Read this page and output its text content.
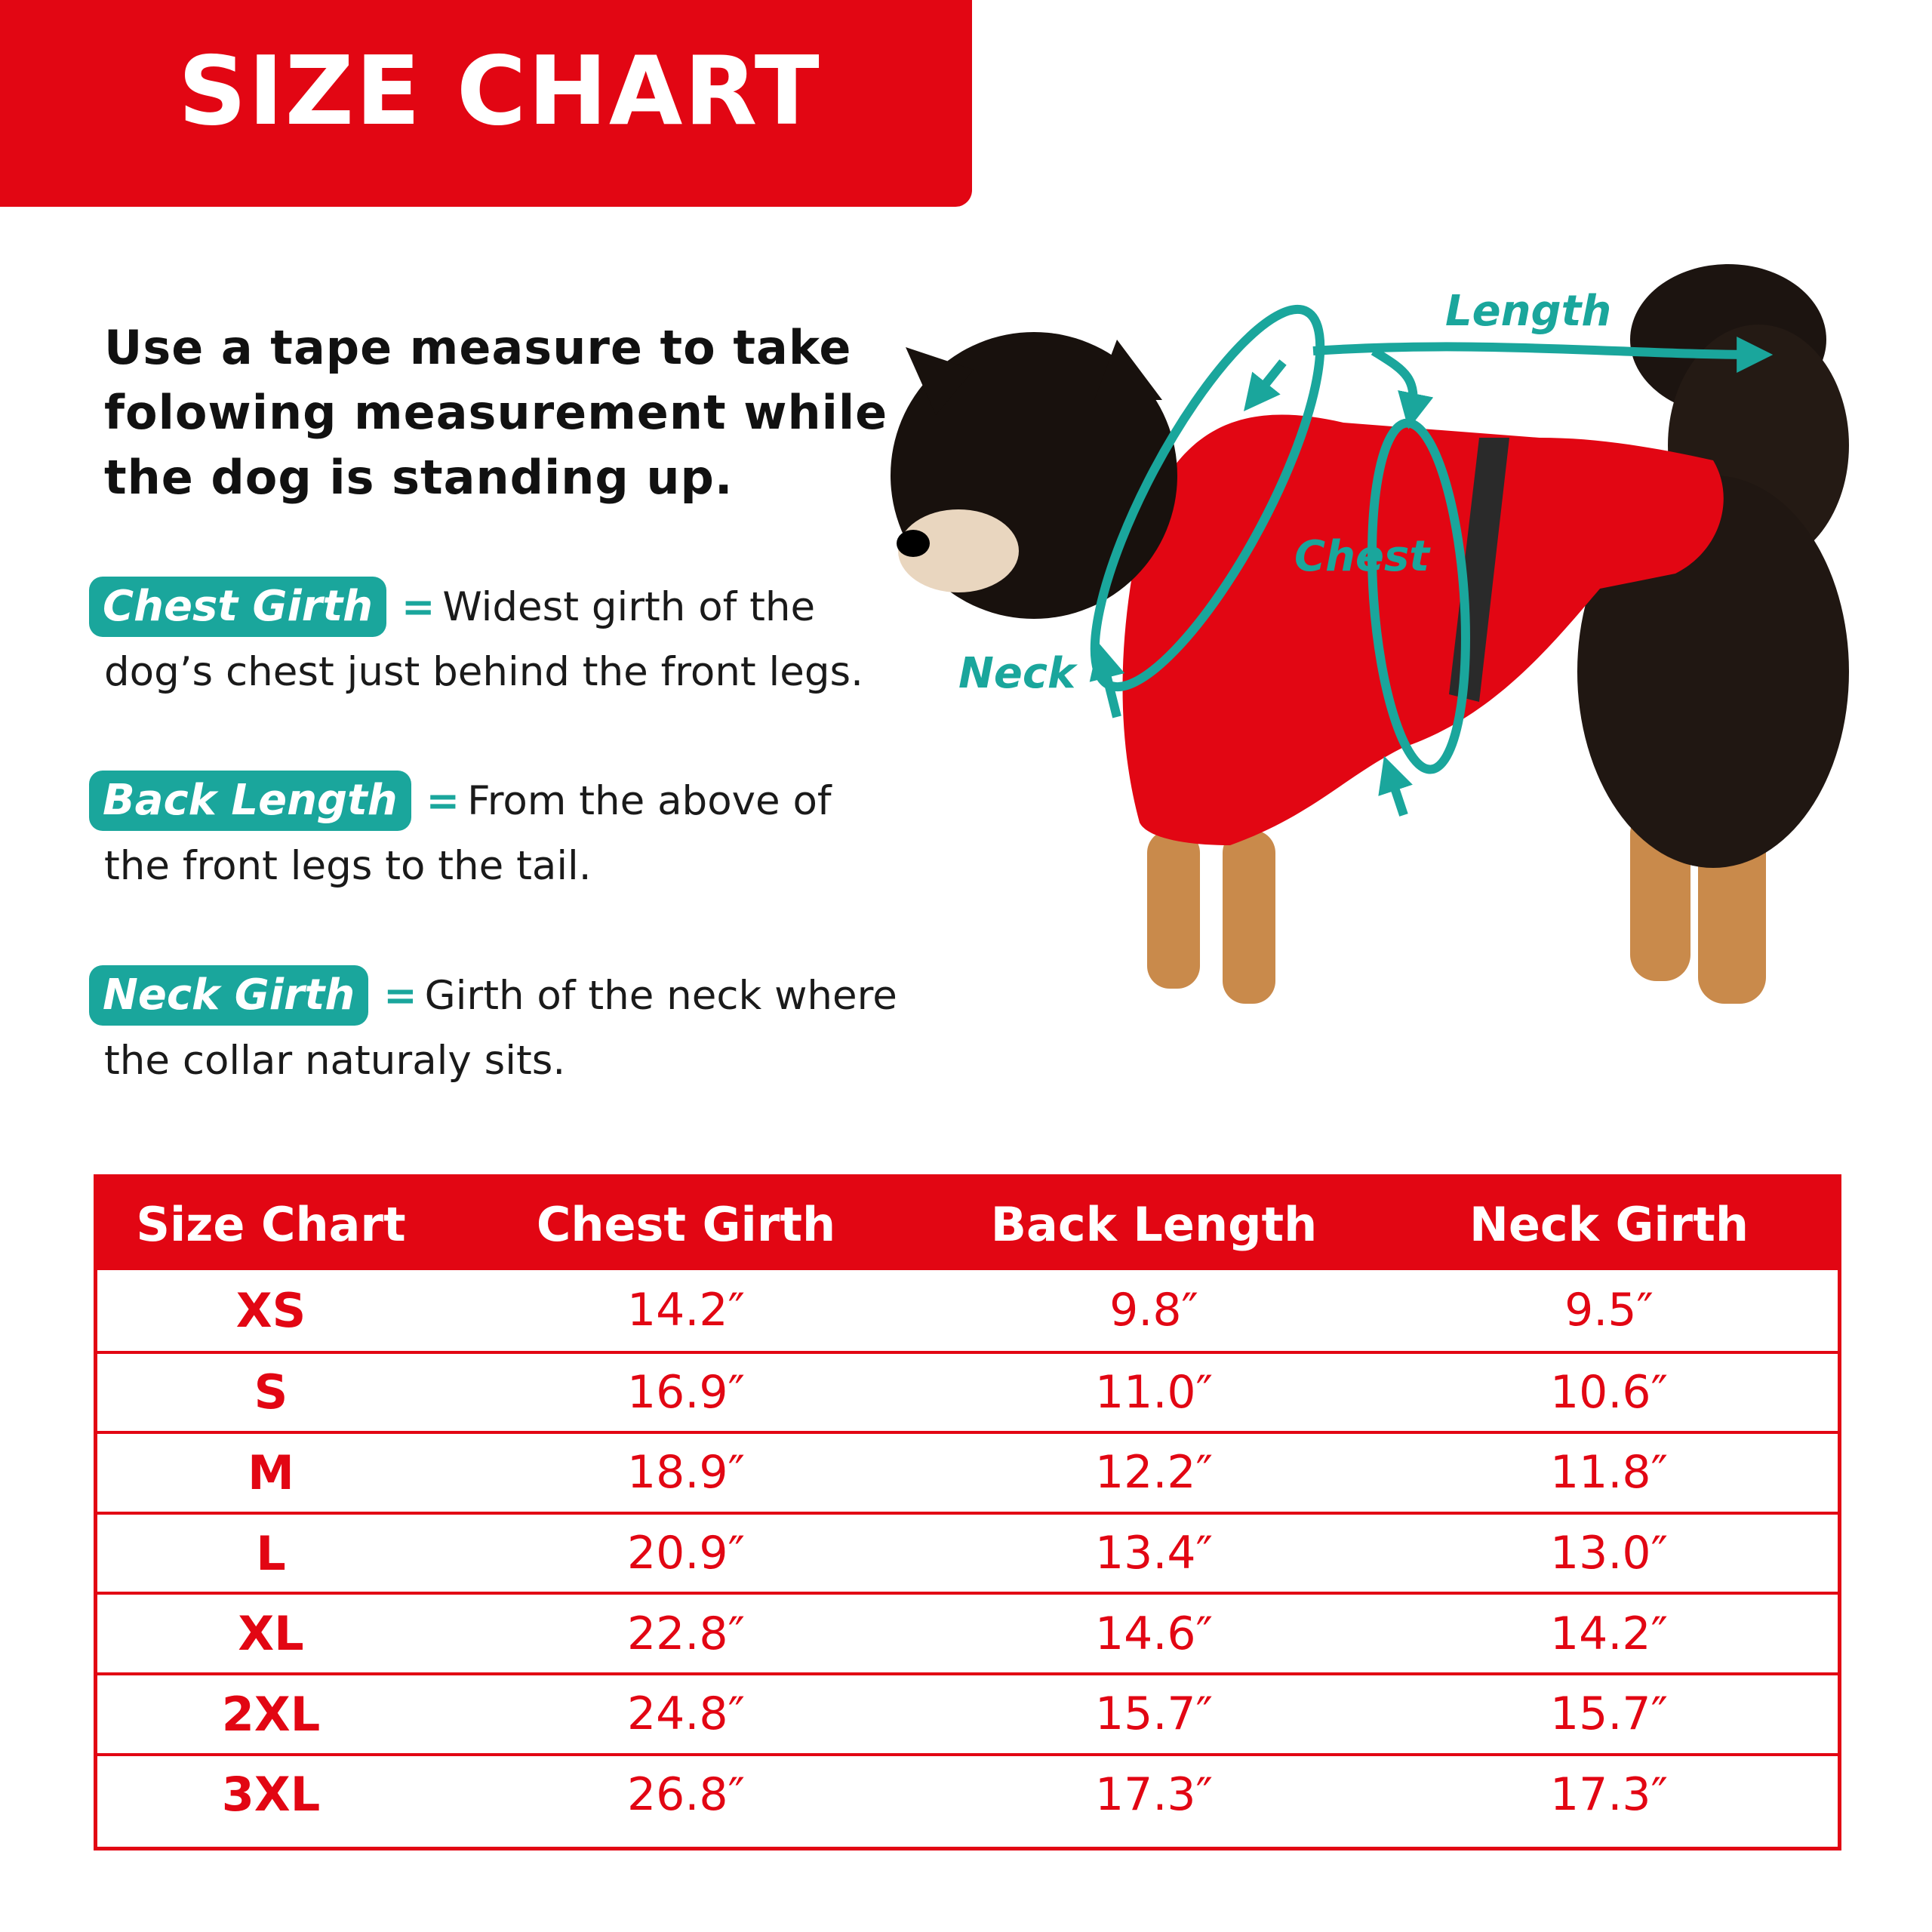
SIZE CHART
Use a tape measure to take folowing measurement while the dog is standing up.
Chest Girth = Widest girth of the dog’s chest just behind the front legs.
Back Length = From the above of the front legs to the tail.
Neck Girth = Girth of the neck where the collar naturaly sits.
Length
Chest
Neck
Size Chart	Chest Girth	Back Length	Neck Girth
XS	14.2″	9.8″	9.5″
S	16.9″	11.0″	10.6″
M	18.9″	12.2″	11.8″
L	20.9″	13.4″	13.0″
XL	22.8″	14.6″	14.2″
2XL	24.8″	15.7″	15.7″
3XL	26.8″	17.3″	17.3″
